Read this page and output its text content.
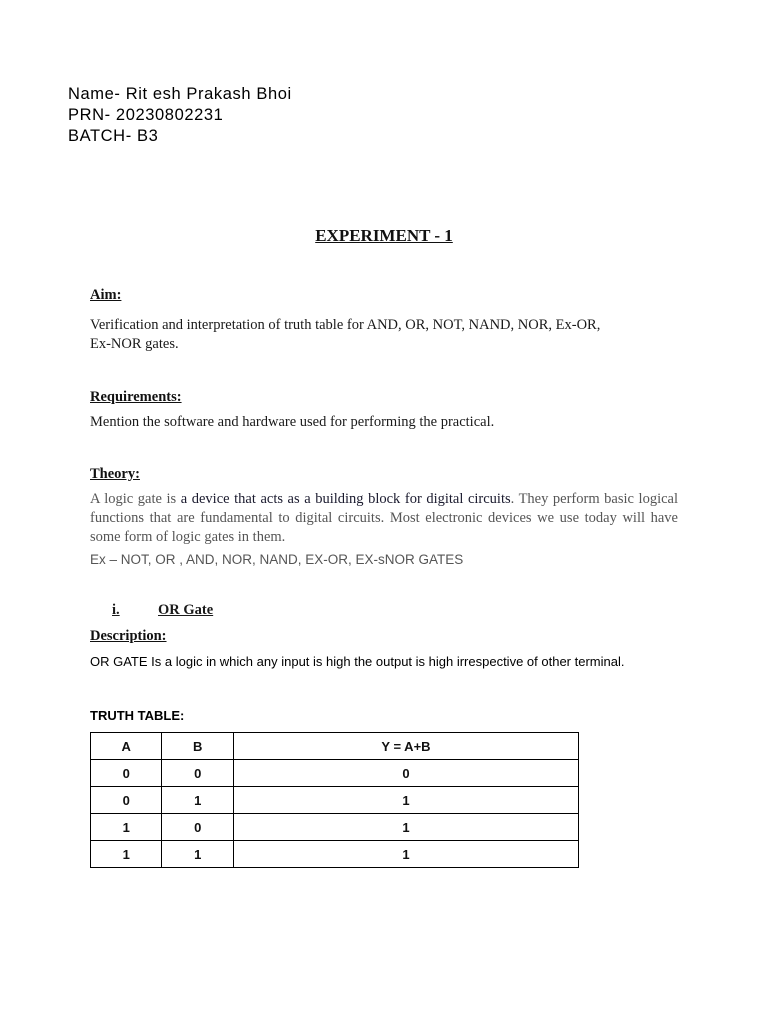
Name- Rit esh Prakash Bhoi
PRN- 20230802231
BATCH- B3
EXPERIMENT - 1
Aim:
Verification and interpretation of truth table for AND, OR, NOT, NAND, NOR, Ex-OR,
Ex-NOR gates.
Requirements:
Mention the software and hardware used for performing the practical.
Theory:
A logic gate is a device that acts as a building block for digital circuits. They perform basic logical functions that are fundamental to digital circuits. Most electronic devices we use today will have some form of logic gates in them.
Ex – NOT, OR , AND, NOR, NAND, EX-OR, EX-sNOR GATES
i.	OR Gate
Description:
OR GATE Is a logic in which any input is high the output is high irrespective of other terminal.
TRUTH TABLE:
A	B	Y = A+B
0	0	0
0	1	1
1	0	1
1	1	1
